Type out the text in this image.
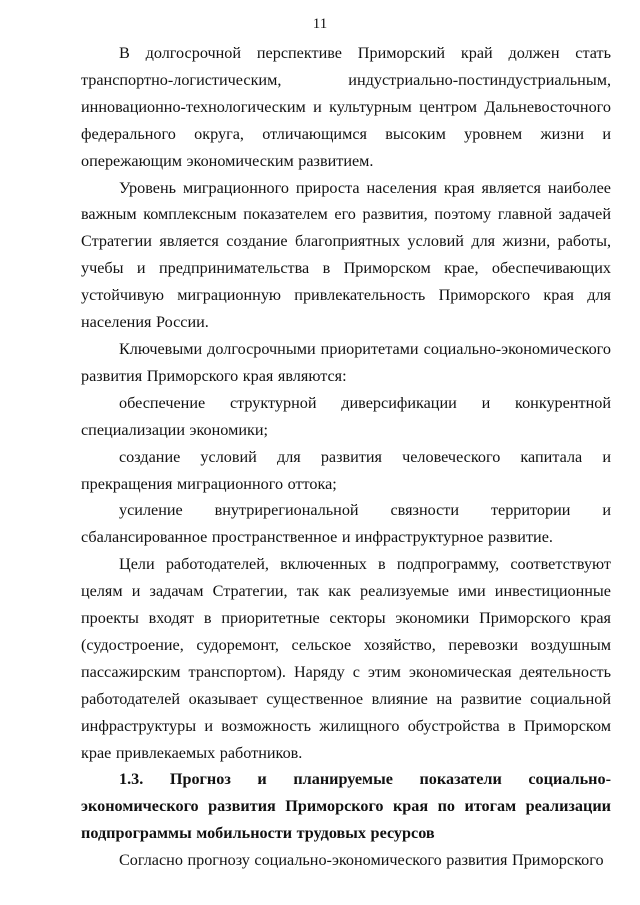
11

В долгосрочной перспективе Приморский край должен стать транспортно-логистическим, индустриально-постиндустриальным, инновационно-технологическим и культурным центром Дальневосточного федерального округа, отличающимся высоким уровнем жизни и опережающим экономическим развитием.

Уровень миграционного прироста населения края является наиболее важным комплексным показателем его развития, поэтому главной задачей Стратегии является создание благоприятных условий для жизни, работы, учебы и предпринимательства в Приморском крае, обеспечивающих устойчивую миграционную привлекательность Приморского края для населения России.

Ключевыми долгосрочными приоритетами социально-экономического развития Приморского края являются:

обеспечение структурной диверсификации и конкурентной специализации экономики;

создание условий для развития человеческого капитала и прекращения миграционного оттока;

усиление внутрирегиональной связности территории и сбалансированное пространственное и инфраструктурное развитие.

Цели работодателей, включенных в подпрограмму, соответствуют целям и задачам Стратегии, так как реализуемые ими инвестиционные проекты входят в приоритетные секторы экономики Приморского края (судостроение, судоремонт, сельское хозяйство, перевозки воздушным пассажирским транспортом). Наряду с этим экономическая деятельность работодателей оказывает существенное влияние на развитие социальной инфраструктуры и возможность жилищного обустройства в Приморском крае привлекаемых работников.

1.3. Прогноз и планируемые показатели социально-экономического развития Приморского края по итогам реализации подпрограммы мобильности трудовых ресурсов

Согласно прогнозу социально-экономического развития Приморского
